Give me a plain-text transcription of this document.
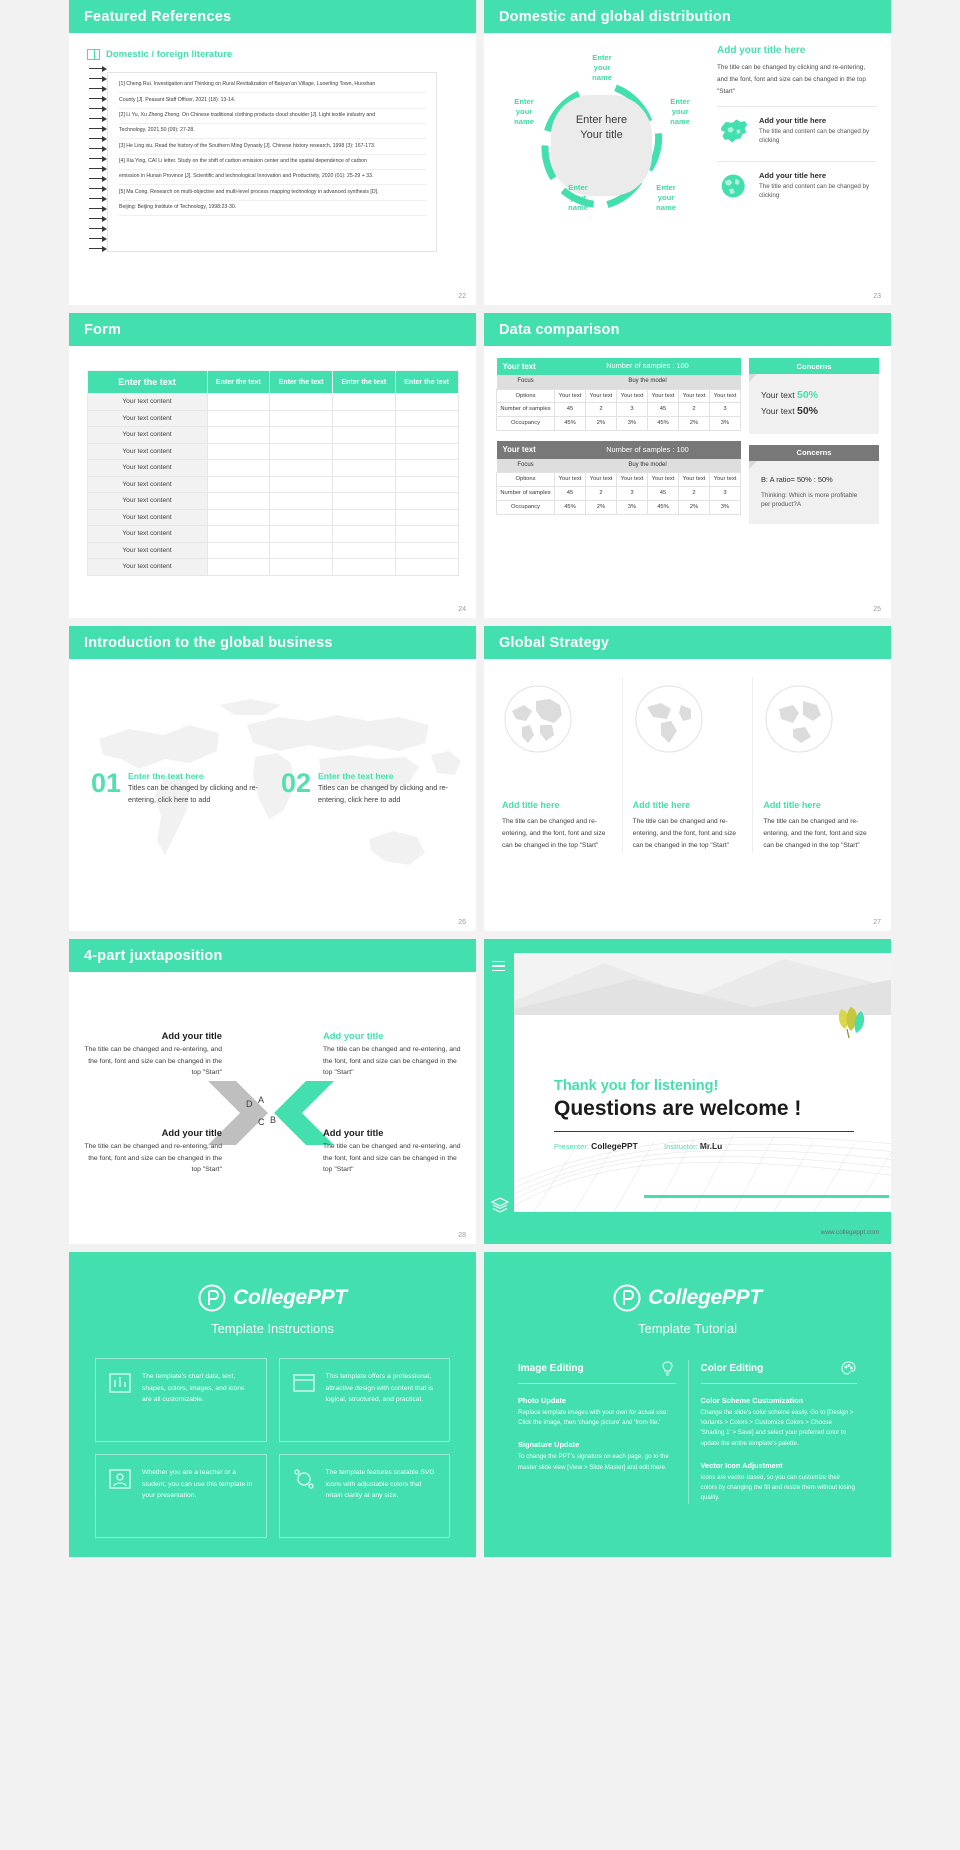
Featured References
Domestic / foreign literature
[1] Cheng Rui. Investigation and Thinking on Rural Revitalization of Baiyun'an Village, Luoerling Town, Huoshan
County [J]. Peasant Staff Officer, 2021 (18): 13-14.
[2] Li Yu, Xu Zheng Zheng. On Chinese traditional clothing products cloud shoulder [J]. Light textile industry and
Technology, 2021,50 (09): 27-28.
[3] He Ling xiu. Read the history of the Southern Ming Dynasty [J]. Chinese history research, 1998 (3): 167-173.
[4] Xia Ying, CAI Li letter. Study on the shift of carbon emission center and the spatial dependence of carbon
emission in Hunan Province [J]. Scientific and technological Innovation and Productivity, 2020 (01): 25-29 + 33.
[5] Ma Cong. Research on multi-objective and multi-level process mapping technology in advanced synthesis [D].
Beijing: Beijing Institute of Technology, 1998:23-30.
22
Domestic and global distribution
Enter here
Your title
Enter
your
name
Enter
your
name
Enter
your
name
Enter
your
name
Enter
your
name
Add your title here
The title can be changed by clicking and re-entering, and the font, font and size can be changed in the top "Start"
Add your title here
The title and content can be changed by clicking
Add your title here
The title and content can be changed by clicking
23
Form
Enter the text	Enter the text	Enter the text	Enter the text	Enter the text
Your text content				
Your text content				
Your text content				
Your text content				
Your text content				
Your text content				
Your text content				
Your text content				
Your text content				
Your text content				
Your text content				
24
Data comparison
Your text	Number of samples : 100					
Focus	Buy the model					
Options	Your text	Your text	Your text	Your text	Your text	Your text
Number of samples	45	2	3	45	2	3
Occupancy	45%	2%	3%	45%	2%	3%
Your text	Number of samples : 100					
Focus	Buy the model					
Options	Your text	Your text	Your text	Your text	Your text	Your text
Number of samples	45	2	3	45	2	3
Occupancy	45%	2%	3%	45%	2%	3%
Concerns
Your text 50%
Your text 50%
Concerns
B: A ratio= 50% : 50%
Thinking: Which is more profitable per product?A
25
Introduction to the global business
01 Enter the text here
Titles can be changed by clicking and re-entering, click here to add
02 Enter the text here
Titles can be changed by clicking and re-entering, click here to add
26
Global Strategy
Add title here
The title can be changed and re-entering, and the font, font and size can be changed in the top "Start"
Add title here
The title can be changed and re-entering, and the font, font and size can be changed in the top "Start"
Add title here
The title can be changed and re-entering, and the font, font and size can be changed in the top "Start"
27
4-part juxtaposition
D A
C B
Add your title
The title can be changed and re-entering, and the font, font and size can be changed in the top "Start"
Add your title
The title can be changed and re-entering, and the font, font and size can be changed in the top "Start"
Add your title
The title can be changed and re-entering, and the font, font and size can be changed in the top "Start"
Add your title
The title can be changed and re-entering, and the font, font and size can be changed in the top "Start"
28
Thank you for listening!
Questions are welcome !
Presenter: CollegePPT	Instructor: Mr.Lu
www.collegeppt.com
CollegePPT
Template Instructions
The template's chart data, text, shapes, colors, images, and icons are all customizable.
This template offers a professional, attractive design with content that is logical, structured, and practical.
Whether you are a teacher or a student, you can use this template in your presentation.
The template features scalable SVG icons with adjustable colors that retain clarity at any size.
CollegePPT
Template Tutorial
Image Editing
Photo Update
Replace template images with your own for actual use: Click the image, then 'change picture' and 'from file.'
Signature Update
To change the PPT's signature on each page, go to the master slide view [View > Slide Master] and edit there.
Color Editing
Color Scheme Customization
Change the slide's color scheme easily. Go to [Design > Variants > Colors > Customize Colors > Choose 'Shading 1' > Save] and select your preferred color to update the entire template's palette.
Vector Icon Adjustment
Icons are vector-based, so you can customize their colors by changing the fill and resize them without losing quality.
